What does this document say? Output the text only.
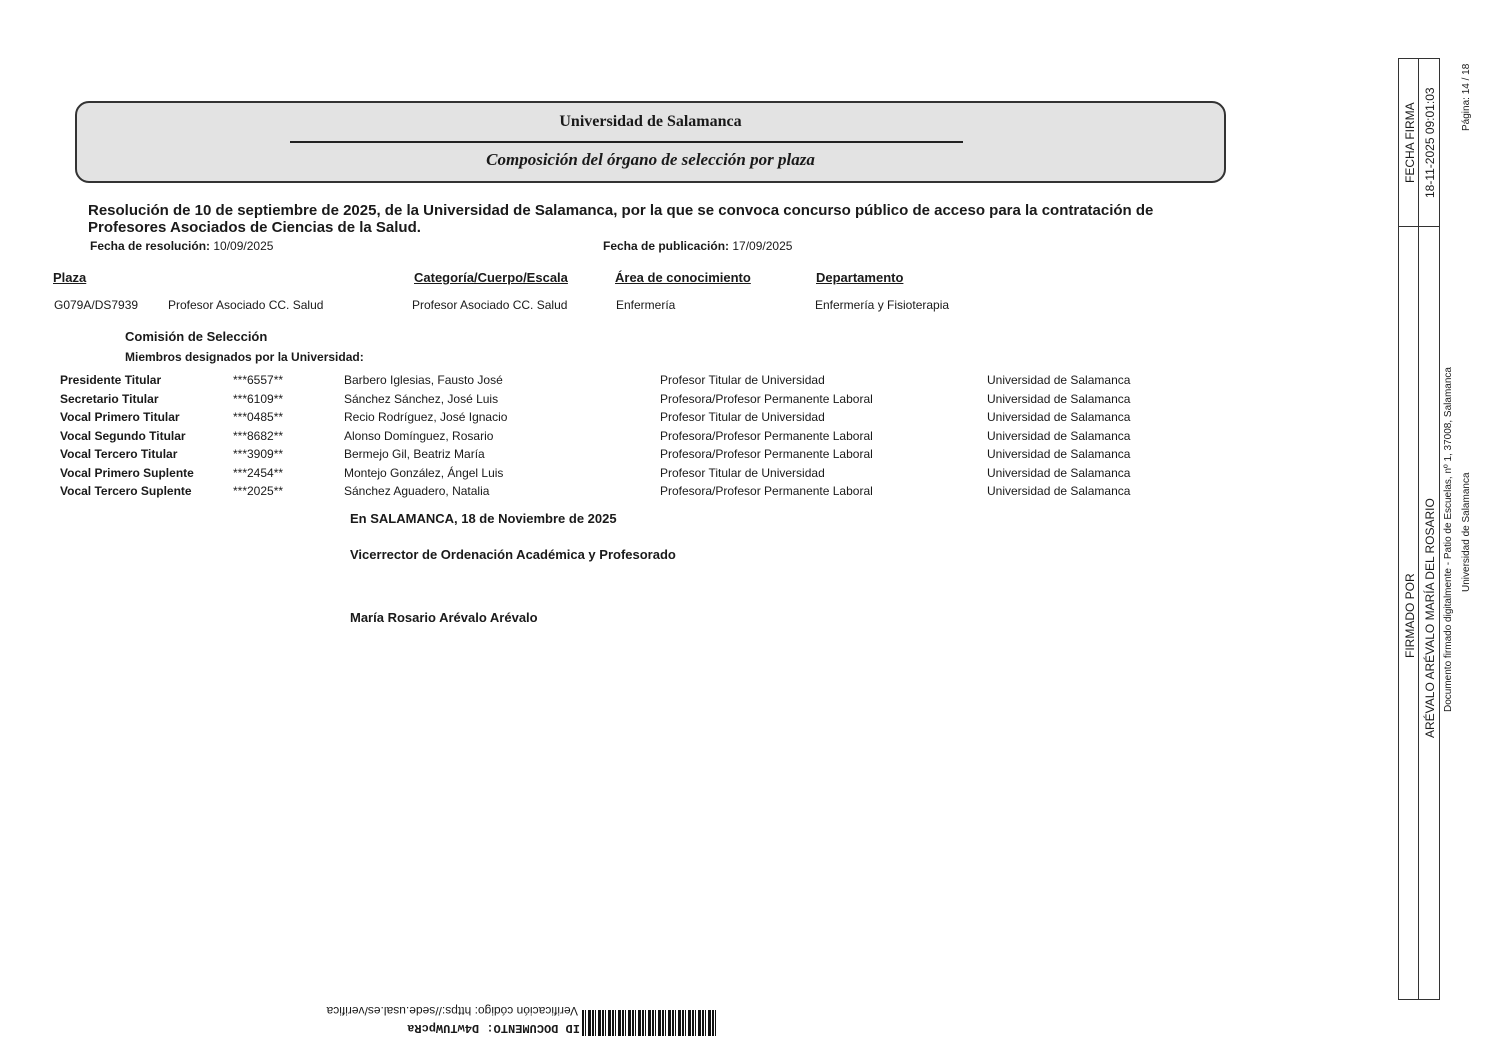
Universidad de Salamanca
Composición del órgano de selección por plaza
Resolución de 10 de septiembre de 2025, de la Universidad de Salamanca, por la que se convoca concurso público de acceso para la contratación de Profesores Asociados de Ciencias de la Salud.
Fecha de resolución: 10/09/2025	Fecha de publicación: 17/09/2025
Plaza	Categoría/Cuerpo/Escala	Área de conocimiento	Departamento
G079A/DS7939 Profesor Asociado CC. Salud	Profesor Asociado CC. Salud	Enfermería	Enfermería y Fisioterapia
Comisión de Selección
Miembros designados por la Universidad:
Presidente Titular	***6557**	Barbero Iglesias, Fausto José	Profesor Titular de Universidad	Universidad de Salamanca
Secretario Titular	***6109**	Sánchez Sánchez, José Luis	Profesora/Profesor Permanente Laboral	Universidad de Salamanca
Vocal Primero Titular	***0485**	Recio Rodríguez, José Ignacio	Profesor Titular de Universidad	Universidad de Salamanca
Vocal Segundo Titular	***8682**	Alonso Domínguez, Rosario	Profesora/Profesor Permanente Laboral	Universidad de Salamanca
Vocal Tercero Titular	***3909**	Bermejo Gil, Beatriz María	Profesora/Profesor Permanente Laboral	Universidad de Salamanca
Vocal Primero Suplente	***2454**	Montejo González, Ángel Luis	Profesor Titular de Universidad	Universidad de Salamanca
Vocal Tercero Suplente	***2025**	Sánchez Aguadero, Natalia	Profesora/Profesor Permanente Laboral	Universidad de Salamanca
En SALAMANCA, 18 de Noviembre de 2025
Vicerrector de Ordenación Académica y Profesorado
María Rosario Arévalo Arévalo
FECHA FIRMA 18-11-2025 09:01:03
FIRMADO POR ARÉVALO ARÉVALO MARÍA DEL ROSARIO Documento firmado digitalmente - Patio de Escuelas, nº 1, 37008, Salamanca Universidad de Salamanca
Página: 14 / 18
Verificación código: https://sede.usal.es/verifica
ID DOCUMENTO: D4wTUWpcRa
